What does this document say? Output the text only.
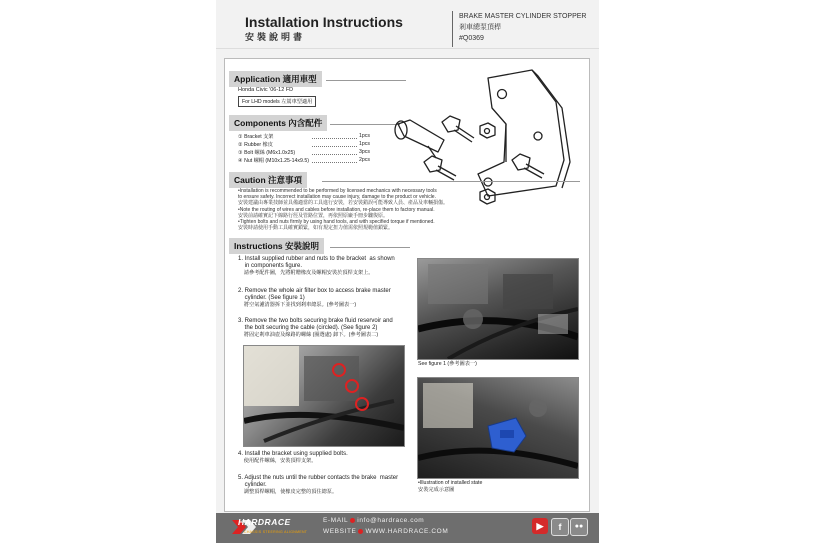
Installation Instructions
安裝說明書
BRAKE MASTER CYLINDER STOPPER
剎車總泵頂桿
#Q0369
Application 適用車型
Honda Civic '06-12 FD
For LHD models 左駕車型適用
Components 內含配件
① Bracket 支架	1pcs
② Rubber 橡皮	1pcs
③ Bolt 螺絲 (M6x1.0x25)	3pcs
④ Nut 螺帽 (M10x1.25-14x9.5)	2pcs
Caution 注意事項
•Installation is recommended to be performed by licensed mechanics with necessary tools
to ensure safety. Incorrect installation may cause injury, damage to the product or vehicle.
安裝建議由專業技師並具備適當的工具進行安裝，若安裝錯誤可能導致人員、產品及車輛損傷。
•Note the routing of wires and cables before installation, re-place them to factory manual.
安裝前請確實記下線路行徑及管路位置，再依照原廠手冊步驟復原。
•Tighten bolts and nuts firmly by using hand tools, and with specified torque if mentioned.
安裝時請使用手動工具確實鎖緊，如有規定扭力值需依照規範值鎖緊。
Instructions 安裝說明
1. Install supplied rubber and nuts to the bracket  as shown
in components figure.
請參考配件圖，先將附贈橡皮及螺帽安裝於頂桿支架上。
2. Remove the whole air filter box to access brake master
cylinder. (See figure 1)
將空氣濾清器拆下並找到剎車總泵。(參考圖表一)
3. Remove the two bolts securing brake fluid reservoir and
the bolt securing the cable (circled). (See figure 2)
將固定剎車油壺及線路的螺絲 (圈選處) 卸下。(參考圖表二)
4. Install the bracket using supplied bolts.
使用配件螺絲，安裝頂桿支架。
5. Adjust the nuts until the rubber contacts the brake  master
cylinder.
調整頂桿螺帽，使橡皮完整的頂住總泵。
See figure 1 (參考圖表一)
•Illustration of installed state
安裝完成示意圖
HARDRACE
CHASSIS STEERING ALIGNMENT
E-MAIL info@hardrace.com
WEBSITE WWW.HARDRACE.COM
▶	f	●●
